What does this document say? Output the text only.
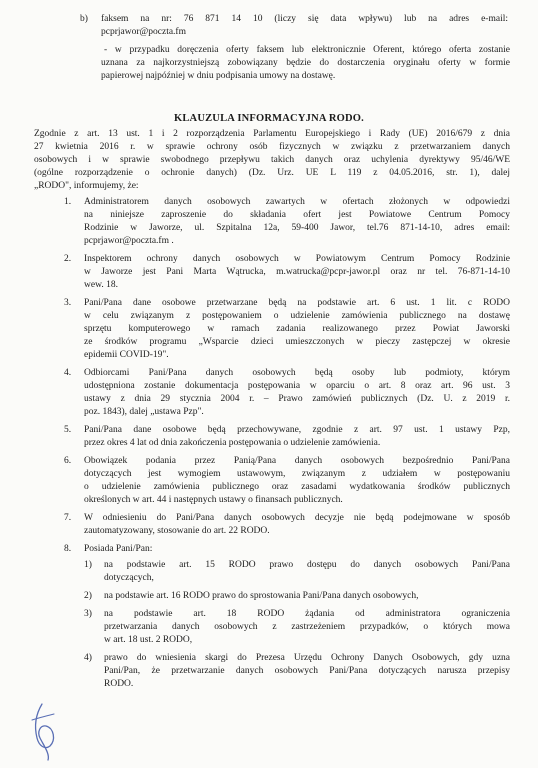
b) faksem na nr: 76 871 14 10 (liczy się data wpływu) lub na adres e-mail:
pcprjawor@poczta.fm
- w przypadku doręczenia oferty faksem lub elektronicznie Oferent, którego oferta zostanie
uznana za najkorzystniejszą zobowiązany będzie do dostarczenia oryginału oferty w formie
papierowej najpóźniej w dniu podpisania umowy na dostawę.
KLAUZULA INFORMACYJNA RODO.
Zgodnie z art. 13 ust. 1 i 2 rozporządzenia Parlamentu Europejskiego i Rady (UE) 2016/679 z dnia
27 kwietnia 2016 r. w sprawie ochrony osób fizycznych w związku z przetwarzaniem danych
osobowych i w sprawie swobodnego przepływu takich danych oraz uchylenia dyrektywy 95/46/WE
(ogólne rozporządzenie o ochronie danych) (Dz. Urz. UE L 119 z 04.05.2016, str. 1), dalej
„RODO", informujemy, że:
1. Administratorem danych osobowych zawartych w ofertach złożonych w odpowiedzi
na niniejsze zaproszenie do składania ofert jest Powiatowe Centrum Pomocy
Rodzinie w Jaworze, ul. Szpitalna 12a, 59-400 Jawor, tel.76 871-14-10, adres email:
pcprjawor@poczta.fm .
2. Inspektorem ochrony danych osobowych w Powiatowym Centrum Pomocy Rodzinie
w Jaworze jest Pani Marta Wątrucka, m.watrucka@pcpr-jawor.pl oraz nr tel. 76-871-14-10
wew. 18.
3. Pani/Pana dane osobowe przetwarzane będą na podstawie art. 6 ust. 1 lit. c RODO
w celu związanym z postępowaniem o udzielenie zamówienia publicznego na dostawę
sprzętu komputerowego w ramach zadania realizowanego przez Powiat Jaworski
ze środków programu „Wsparcie dzieci umieszczonych w pieczy zastępczej w okresie
epidemii COVID-19".
4. Odbiorcami Pani/Pana danych osobowych będą osoby lub podmioty, którym
udostępniona zostanie dokumentacja postępowania w oparciu o art. 8 oraz art. 96 ust. 3
ustawy z dnia 29 stycznia 2004 r. – Prawo zamówień publicznych (Dz. U. z 2019 r.
poz. 1843), dalej „ustawa Pzp".
5. Pani/Pana dane osobowe będą przechowywane, zgodnie z art. 97 ust. 1 ustawy Pzp,
przez okres 4 lat od dnia zakończenia postępowania o udzielenie zamówienia.
6. Obowiązek podania przez Panią/Pana danych osobowych bezpośrednio Pani/Pana
dotyczących jest wymogiem ustawowym, związanym z udziałem w postępowaniu
o udzielenie zamówienia publicznego oraz zasadami wydatkowania środków publicznych
określonych w art. 44 i następnych ustawy o finansach publicznych.
7. W odniesieniu do Pani/Pana danych osobowych decyzje nie będą podejmowane w sposób
zautomatyzowany, stosowanie do art. 22 RODO.
8. Posiada Pani/Pan:
1) na podstawie art. 15 RODO prawo dostępu do danych osobowych Pani/Pana
dotyczących,
2) na podstawie art. 16 RODO prawo do sprostowania Pani/Pana danych osobowych,
3) na podstawie art. 18 RODO żądania od administratora ograniczenia
przetwarzania danych osobowych z zastrzeżeniem przypadków, o których mowa
w art. 18 ust. 2 RODO,
4) prawo do wniesienia skargi do Prezesa Urzędu Ochrony Danych Osobowych, gdy uzna
Pani/Pan, że przetwarzanie danych osobowych Pani/Pana dotyczących narusza przepisy
RODO.
